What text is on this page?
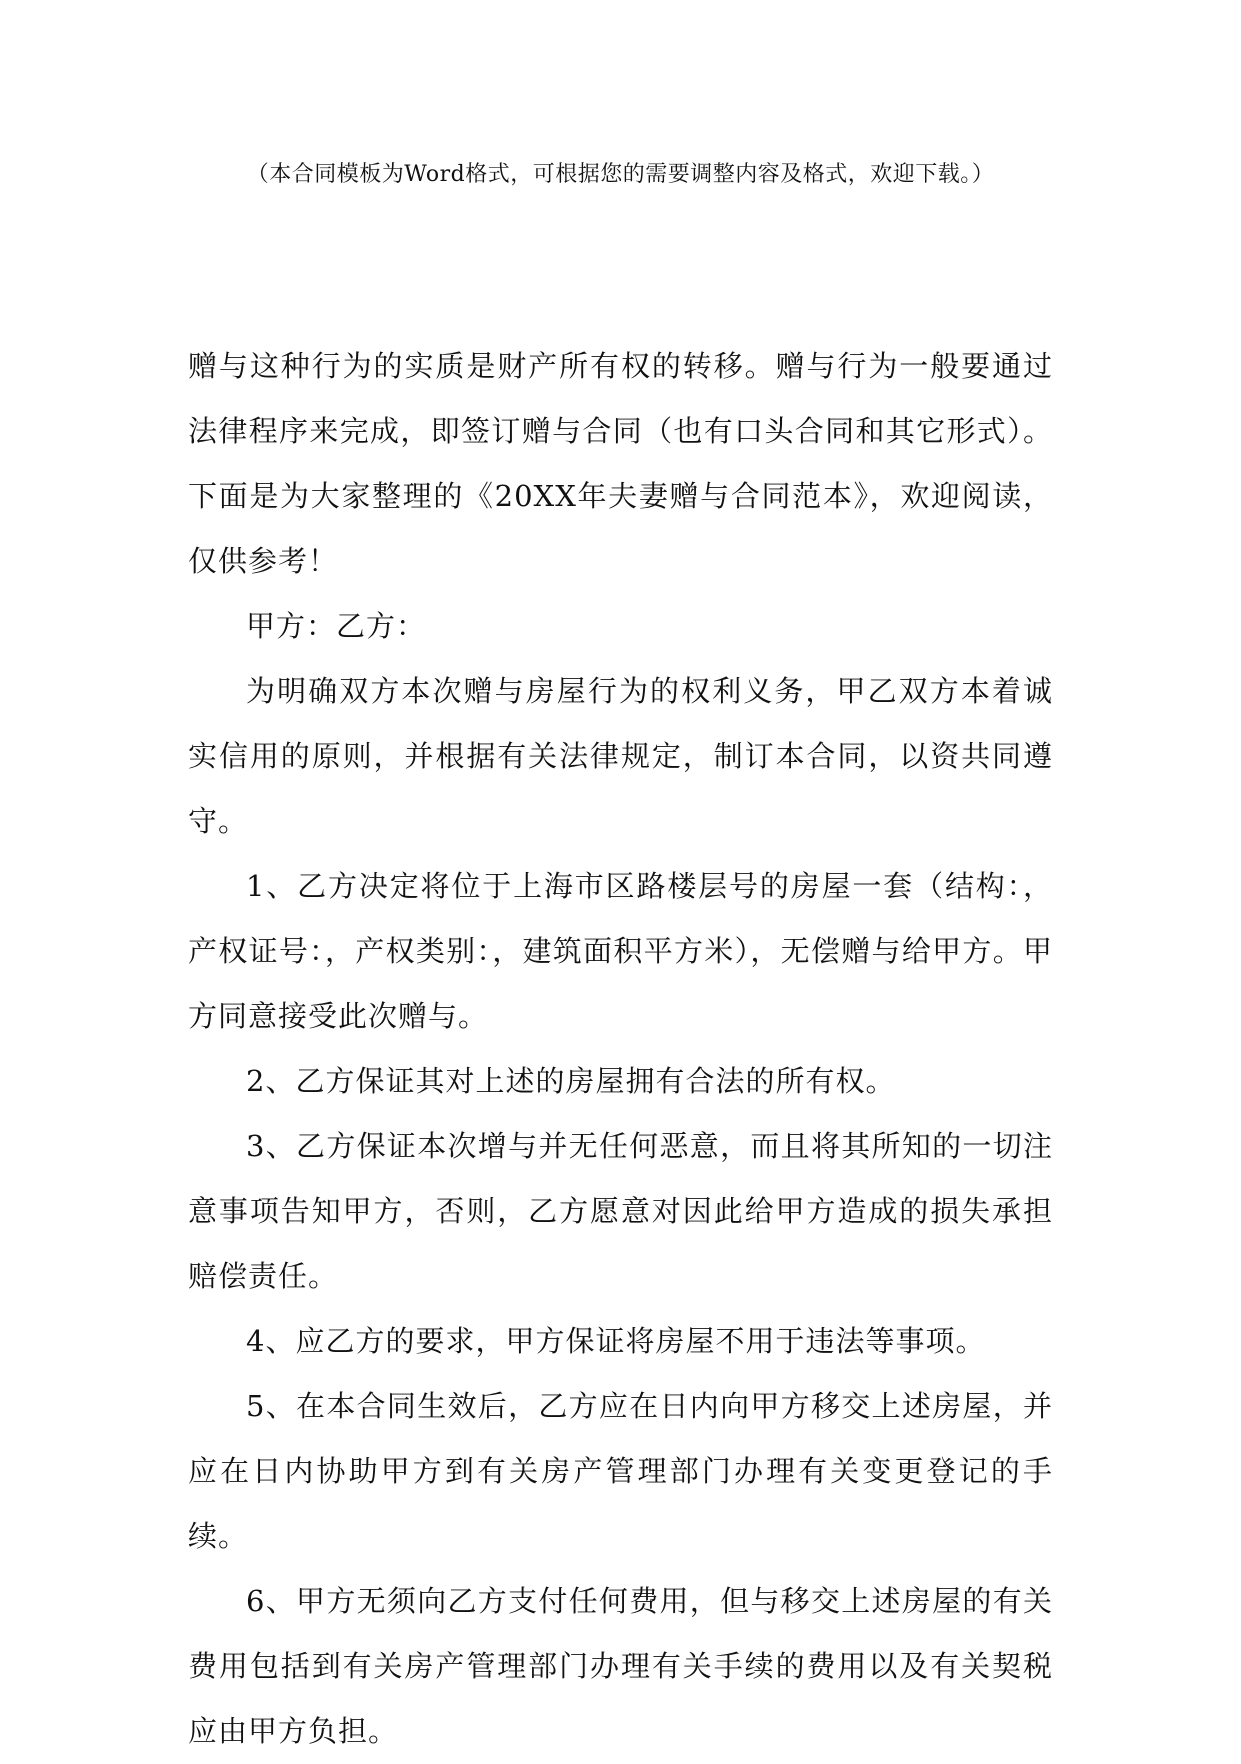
（本合同模板为Word格式，可根据您的需要调整内容及格式，欢迎下载。）

赠与这种行为的实质是财产所有权的转移。赠与行为一般要通过法律程序来完成，即签订赠与合同（也有口头合同和其它形式）。下面是为大家整理的《20XX年夫妻赠与合同范本》，欢迎阅读，仅供参考！

甲方：乙方：

为明确双方本次赠与房屋行为的权利义务，甲乙双方本着诚实信用的原则，并根据有关法律规定，制订本合同，以资共同遵守。

1、乙方决定将位于上海市区路楼层号的房屋一套（结构：，产权证号：，产权类别：，建筑面积平方米），无偿赠与给甲方。甲方同意接受此次赠与。

2、乙方保证其对上述的房屋拥有合法的所有权。

3、乙方保证本次增与并无任何恶意，而且将其所知的一切注意事项告知甲方，否则，乙方愿意对因此给甲方造成的损失承担赔偿责任。

4、应乙方的要求，甲方保证将房屋不用于违法等事项。

5、在本合同生效后，乙方应在日内向甲方移交上述房屋，并应在日内协助甲方到有关房产管理部门办理有关变更登记的手续。

6、甲方无须向乙方支付任何费用，但与移交上述房屋的有关费用包括到有关房产管理部门办理有关手续的费用以及有关契税应由甲方负担。
